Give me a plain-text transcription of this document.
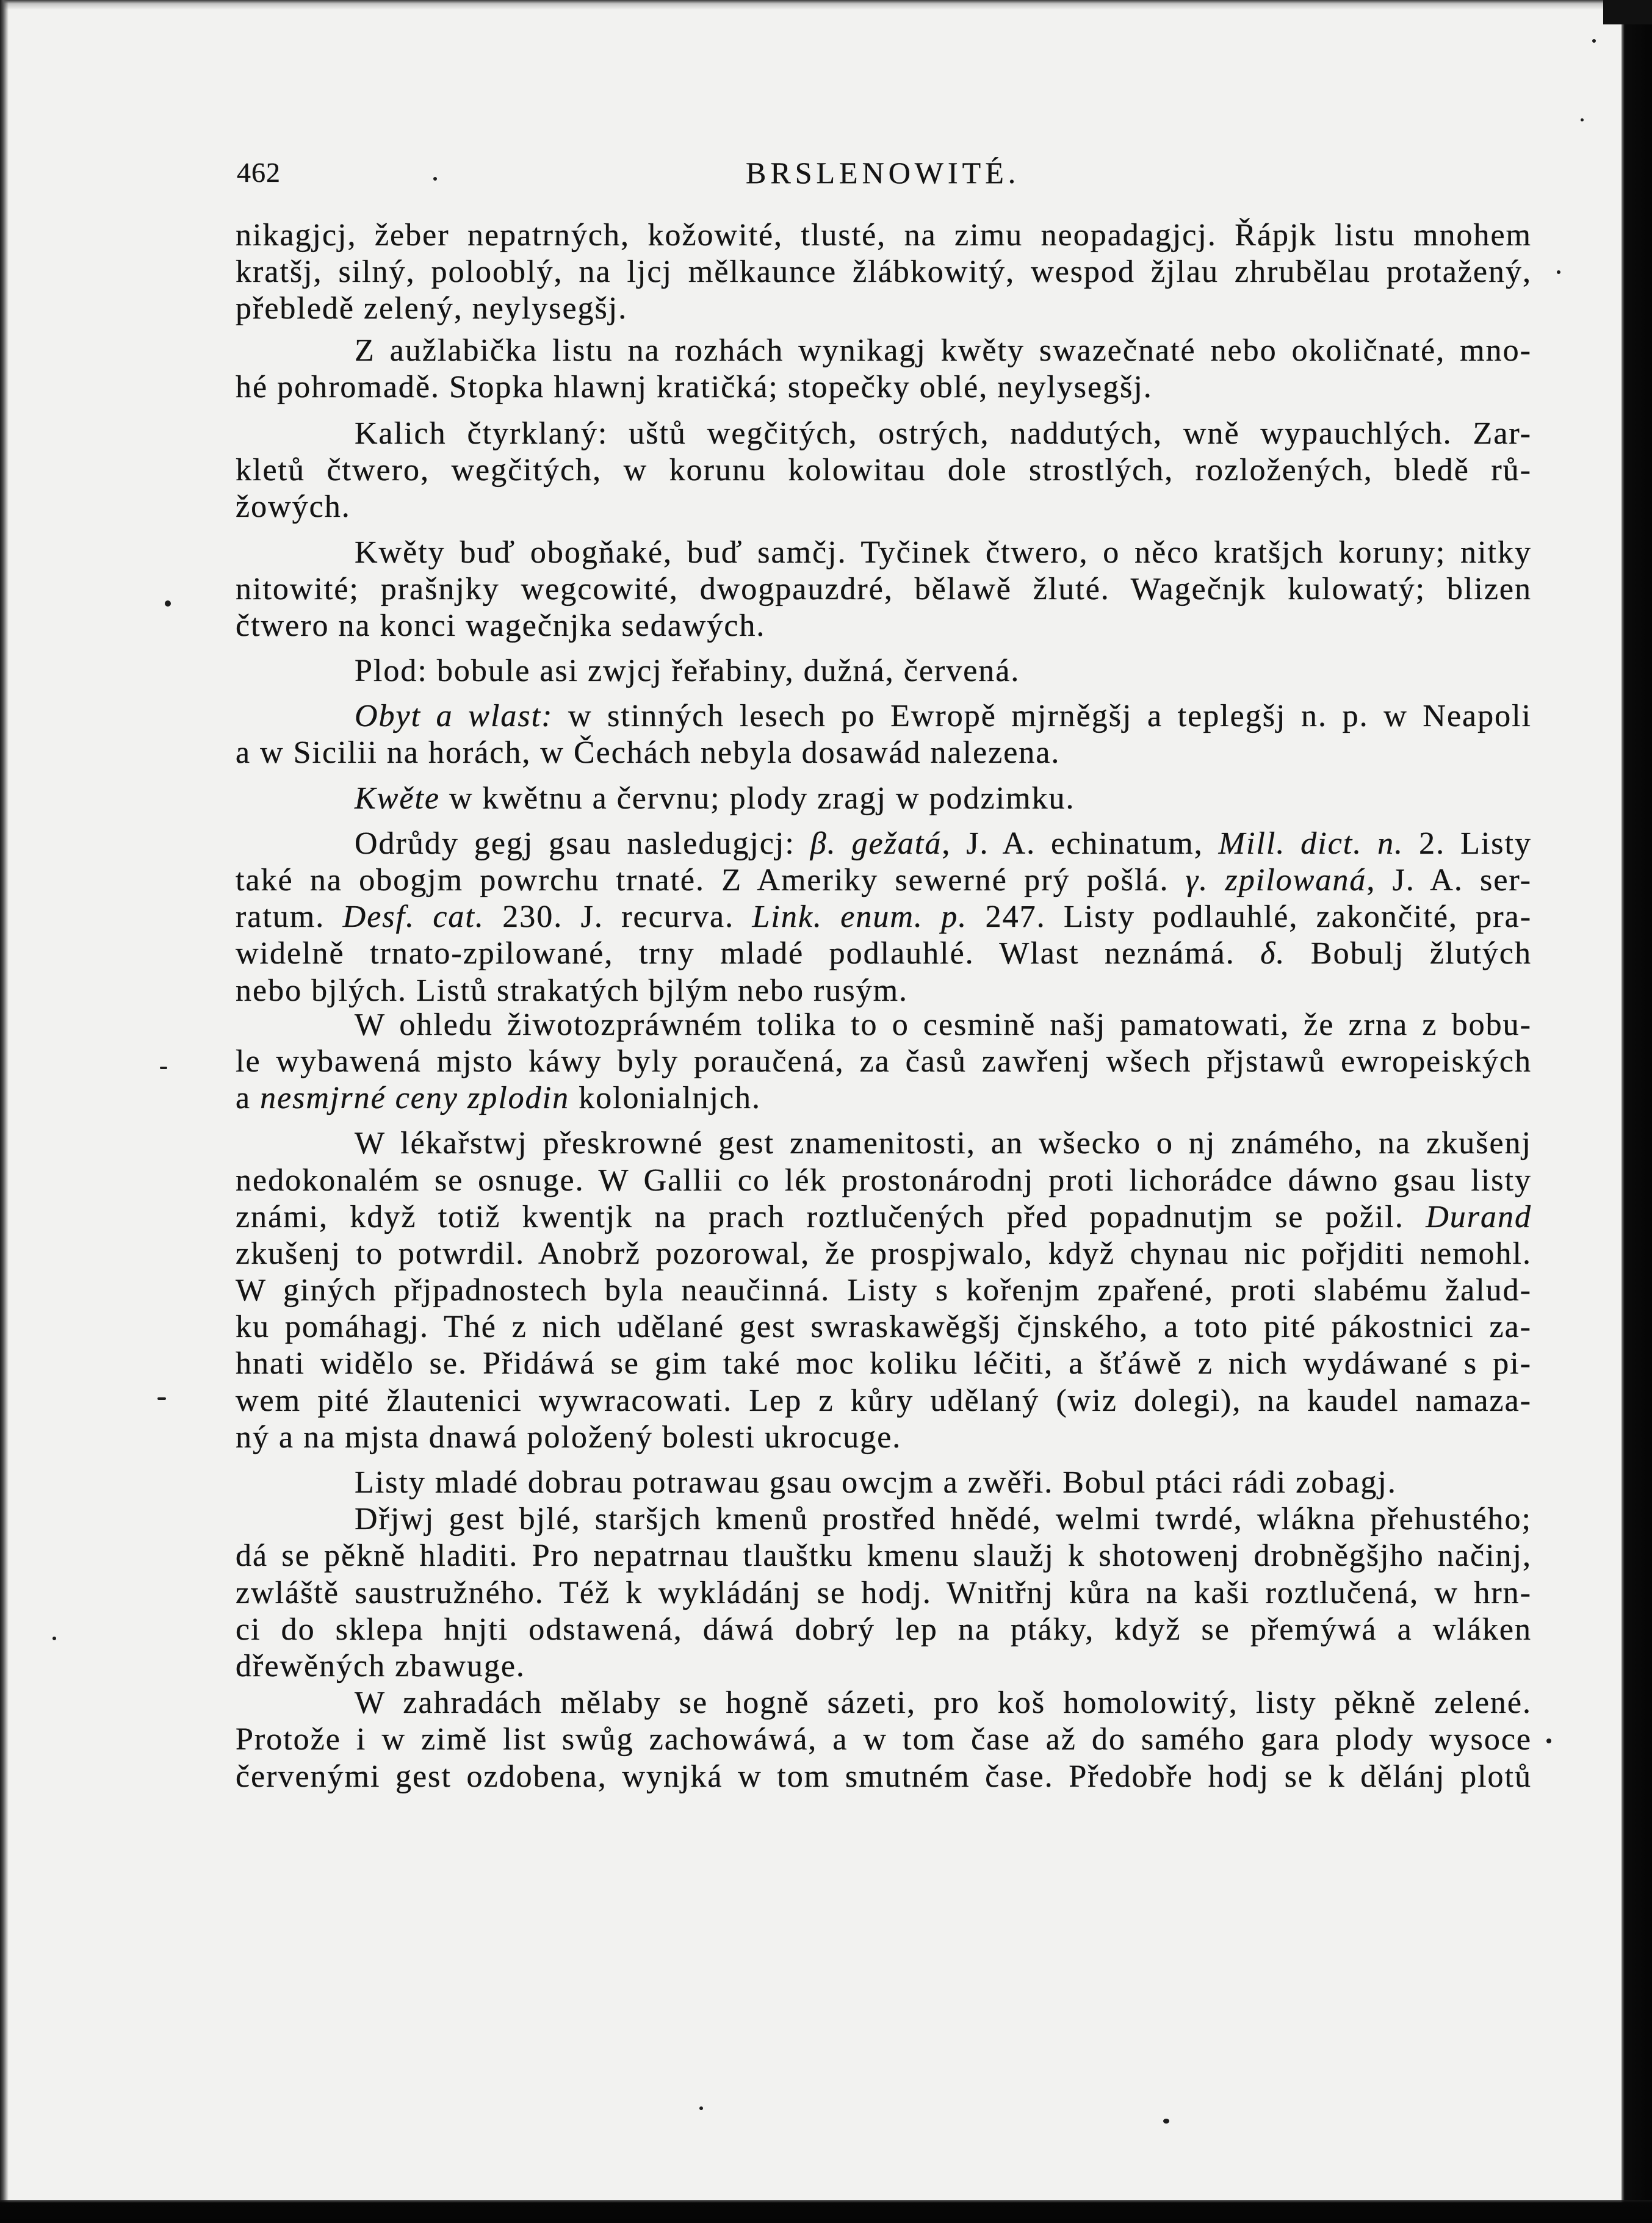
462	BRSLENOWITÉ.
nikagjcj, žeber nepatrných, kožowité, tlusté, na zimu neopadagjcj. Řápjk listu mnohem
kratšj, silný, polooblý, na ljcj mělkaunce žlábkowitý, wespod žjlau zhrubělau protažený,
přebledě zelený, neylysegšj.
Z aužlabička listu na rozhách wynikagj kwěty swazečnaté nebo okoličnaté, mno-
hé pohromadě. Stopka hlawnj kratičká; stopečky oblé, neylysegšj.
Kalich čtyrklaný: uštů wegčitých, ostrých, naddutých, wně wypauchlých. Zar-
kletů čtwero, wegčitých, w korunu kolowitau dole strostlých, rozložených, bledě rů-
žowých.
Kwěty buď obogňaké, buď samčj. Tyčinek čtwero, o něco kratšjch koruny; nitky
nitowité; prašnjky wegcowité, dwogpauzdré, bělawě žluté. Wagečnjk kulowatý; blizen
čtwero na konci wagečnjka sedawých.
Plod: bobule asi zwjcj řeřabiny, dužná, červená.
Obyt a wlast: w stinných lesech po Ewropě mjrněgšj a teplegšj n. p. w Neapoli
a w Sicilii na horách, w Čechách nebyla dosawád nalezena.
Kwěte w kwětnu a červnu; plody zragj w podzimku.
Odrůdy gegj gsau nasledugjcj: β. gežatá, J. A. echinatum, Mill. dict. n. 2. Listy
také na obogjm powrchu trnaté. Z Ameriky sewerné prý pošlá. γ. zpilowaná, J. A. ser-
ratum. Desf. cat. 230. J. recurva. Link. enum. p. 247. Listy podlauhlé, zakončité, pra-
widelně trnato-zpilowané, trny mladé podlauhlé. Wlast neznámá. δ. Bobulj žlutých
nebo bjlých. Listů strakatých bjlým nebo rusým.
W ohledu žiwotozpráwném tolika to o cesmině našj pamatowati, že zrna z bobu-
le wybawená mjsto káwy byly poraučená, za časů zawřenj wšech přjstawů ewropeiských
a nesmjrné ceny zplodin kolonialnjch.
W lékařstwj přeskrowné gest znamenitosti, an wšecko o nj známého, na zkušenj
nedokonalém se osnuge. W Gallii co lék prostonárodnj proti lichorádce dáwno gsau listy
známi, když totiž kwentjk na prach roztlučených před popadnutjm se požil. Durand
zkušenj to potwrdil. Anobrž pozorowal, že prospjwalo, když chynau nic pořjditi nemohl.
W giných přjpadnostech byla neaučinná. Listy s kořenjm zpařené, proti slabému žalud-
ku pomáhagj. Thé z nich udělané gest swraskawěgšj čjnského, a toto pité pákostnici za-
hnati widělo se. Přidáwá se gim také moc koliku léčiti, a šťáwě z nich wydáwané s pi-
wem pité žlautenici wywracowati. Lep z kůry udělaný (wiz dolegi), na kaudel namaza-
ný a na mjsta dnawá položený bolesti ukrocuge.
Listy mladé dobrau potrawau gsau owcjm a zwěři. Bobul ptáci rádi zobagj.
Dřjwj gest bjlé, staršjch kmenů prostřed hnědé, welmi twrdé, wlákna přehustého;
dá se pěkně hladiti. Pro nepatrnau tlauštku kmenu slaužj k shotowenj drobněgšjho načinj,
zwláště saustružného. Též k wykládánj se hodj. Wnitřnj kůra na kaši roztlučená, w hrn-
ci do sklepa hnjti odstawená, dáwá dobrý lep na ptáky, když se přemýwá a wláken
dřewěných zbawuge.
W zahradách mělaby se hogně sázeti, pro koš homolowitý, listy pěkně zelené.
Protože i w zimě list swůg zachowáwá, a w tom čase až do samého gara plody wysoce
červenými gest ozdobena, wynjká w tom smutném čase. Předobře hodj se k dělánj plotů
